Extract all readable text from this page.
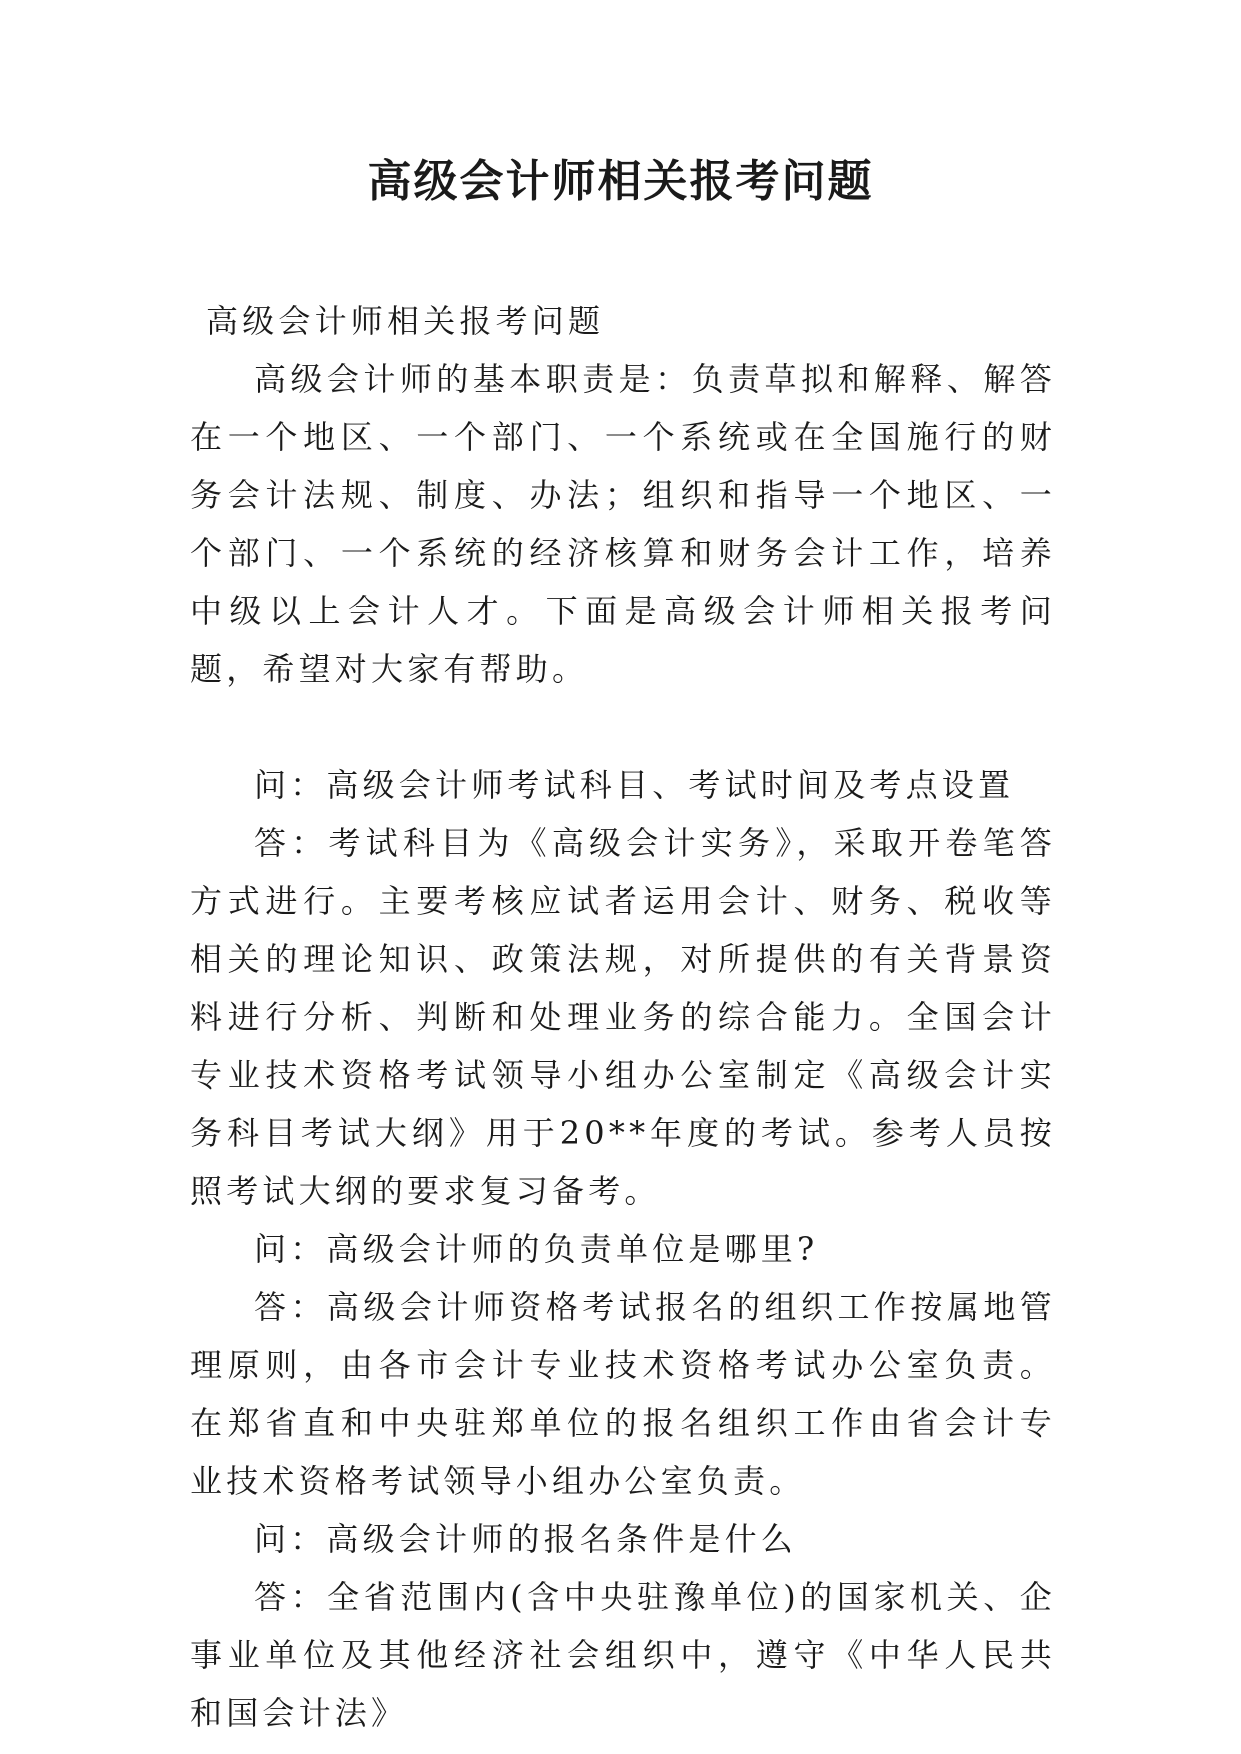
高级会计师相关报考问题

高级会计师相关报考问题

高级会计师的基本职责是：负责草拟和解释、解答在一个地区、一个部门、一个系统或在全国施行的财务会计法规、制度、办法；组织和指导一个地区、一个部门、一个系统的经济核算和财务会计工作，培养中级以上会计人才。下面是高级会计师相关报考问题，希望对大家有帮助。

问：高级会计师考试科目、考试时间及考点设置

答：考试科目为《高级会计实务》，采取开卷笔答方式进行。主要考核应试者运用会计、财务、税收等相关的理论知识、政策法规，对所提供的有关背景资料进行分析、判断和处理业务的综合能力。全国会计专业技术资格考试领导小组办公室制定《高级会计实务科目考试大纲》用于20**年度的考试。参考人员按照考试大纲的要求复习备考。

问：高级会计师的负责单位是哪里?

答：高级会计师资格考试报名的组织工作按属地管理原则，由各市会计专业技术资格考试办公室负责。在郑省直和中央驻郑单位的报名组织工作由省会计专业技术资格考试领导小组办公室负责。

问：高级会计师的报名条件是什么

答：全省范围内(含中央驻豫单位)的国家机关、企事业单位及其他经济社会组织中，遵守《中华人民共和国会计法》
